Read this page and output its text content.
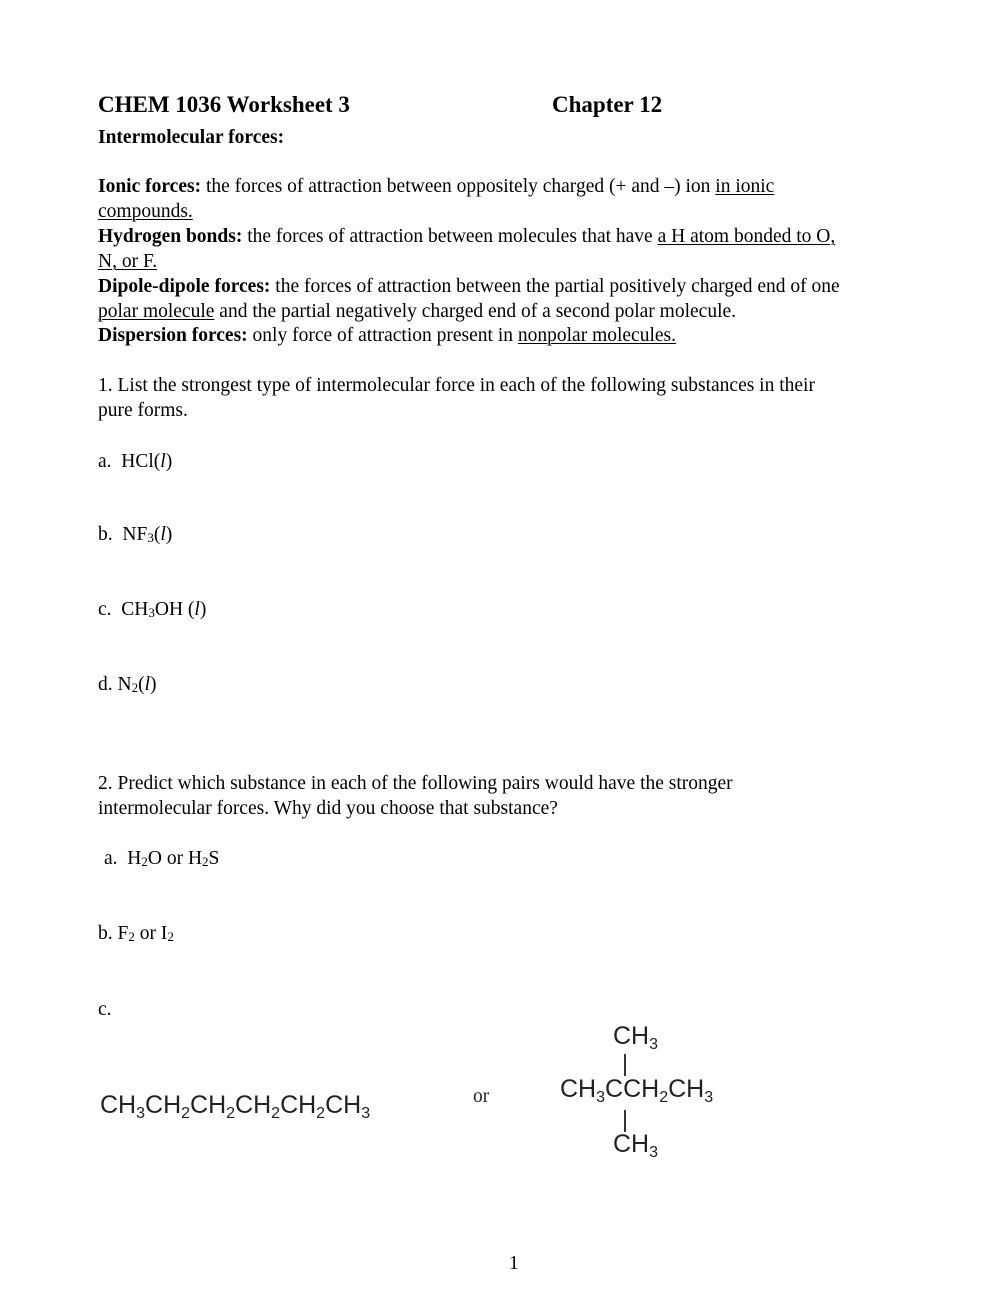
CHEM 1036 Worksheet 3	Chapter 12
Intermolecular forces:
Ionic forces: the forces of attraction between oppositely charged (+ and –) ion in ionic
compounds.
Hydrogen bonds: the forces of attraction between molecules that have a H atom bonded to O,
N, or F.
Dipole-dipole forces: the forces of attraction between the partial positively charged end of one
polar molecule and the partial negatively charged end of a second polar molecule.
Dispersion forces: only force of attraction present in nonpolar molecules.
1. List the strongest type of intermolecular force in each of the following substances in their
pure forms.
a. HCl(l)
b. $NF_3(l)$
c. $CH_3OH$ (l)
d. $N_2(l)$
2. Predict which substance in each of the following pairs would have the stronger
intermolecular forces. Why did you choose that substance?
a. $H_2O$ or $H_2S$
b. $F_2$ or $I_2$
c.
$CH_3CH_2CH_2CH_2CH_2CH_3$
or
$CH_3$
$CH_3CCH_2CH_3$
$CH_3$
1
